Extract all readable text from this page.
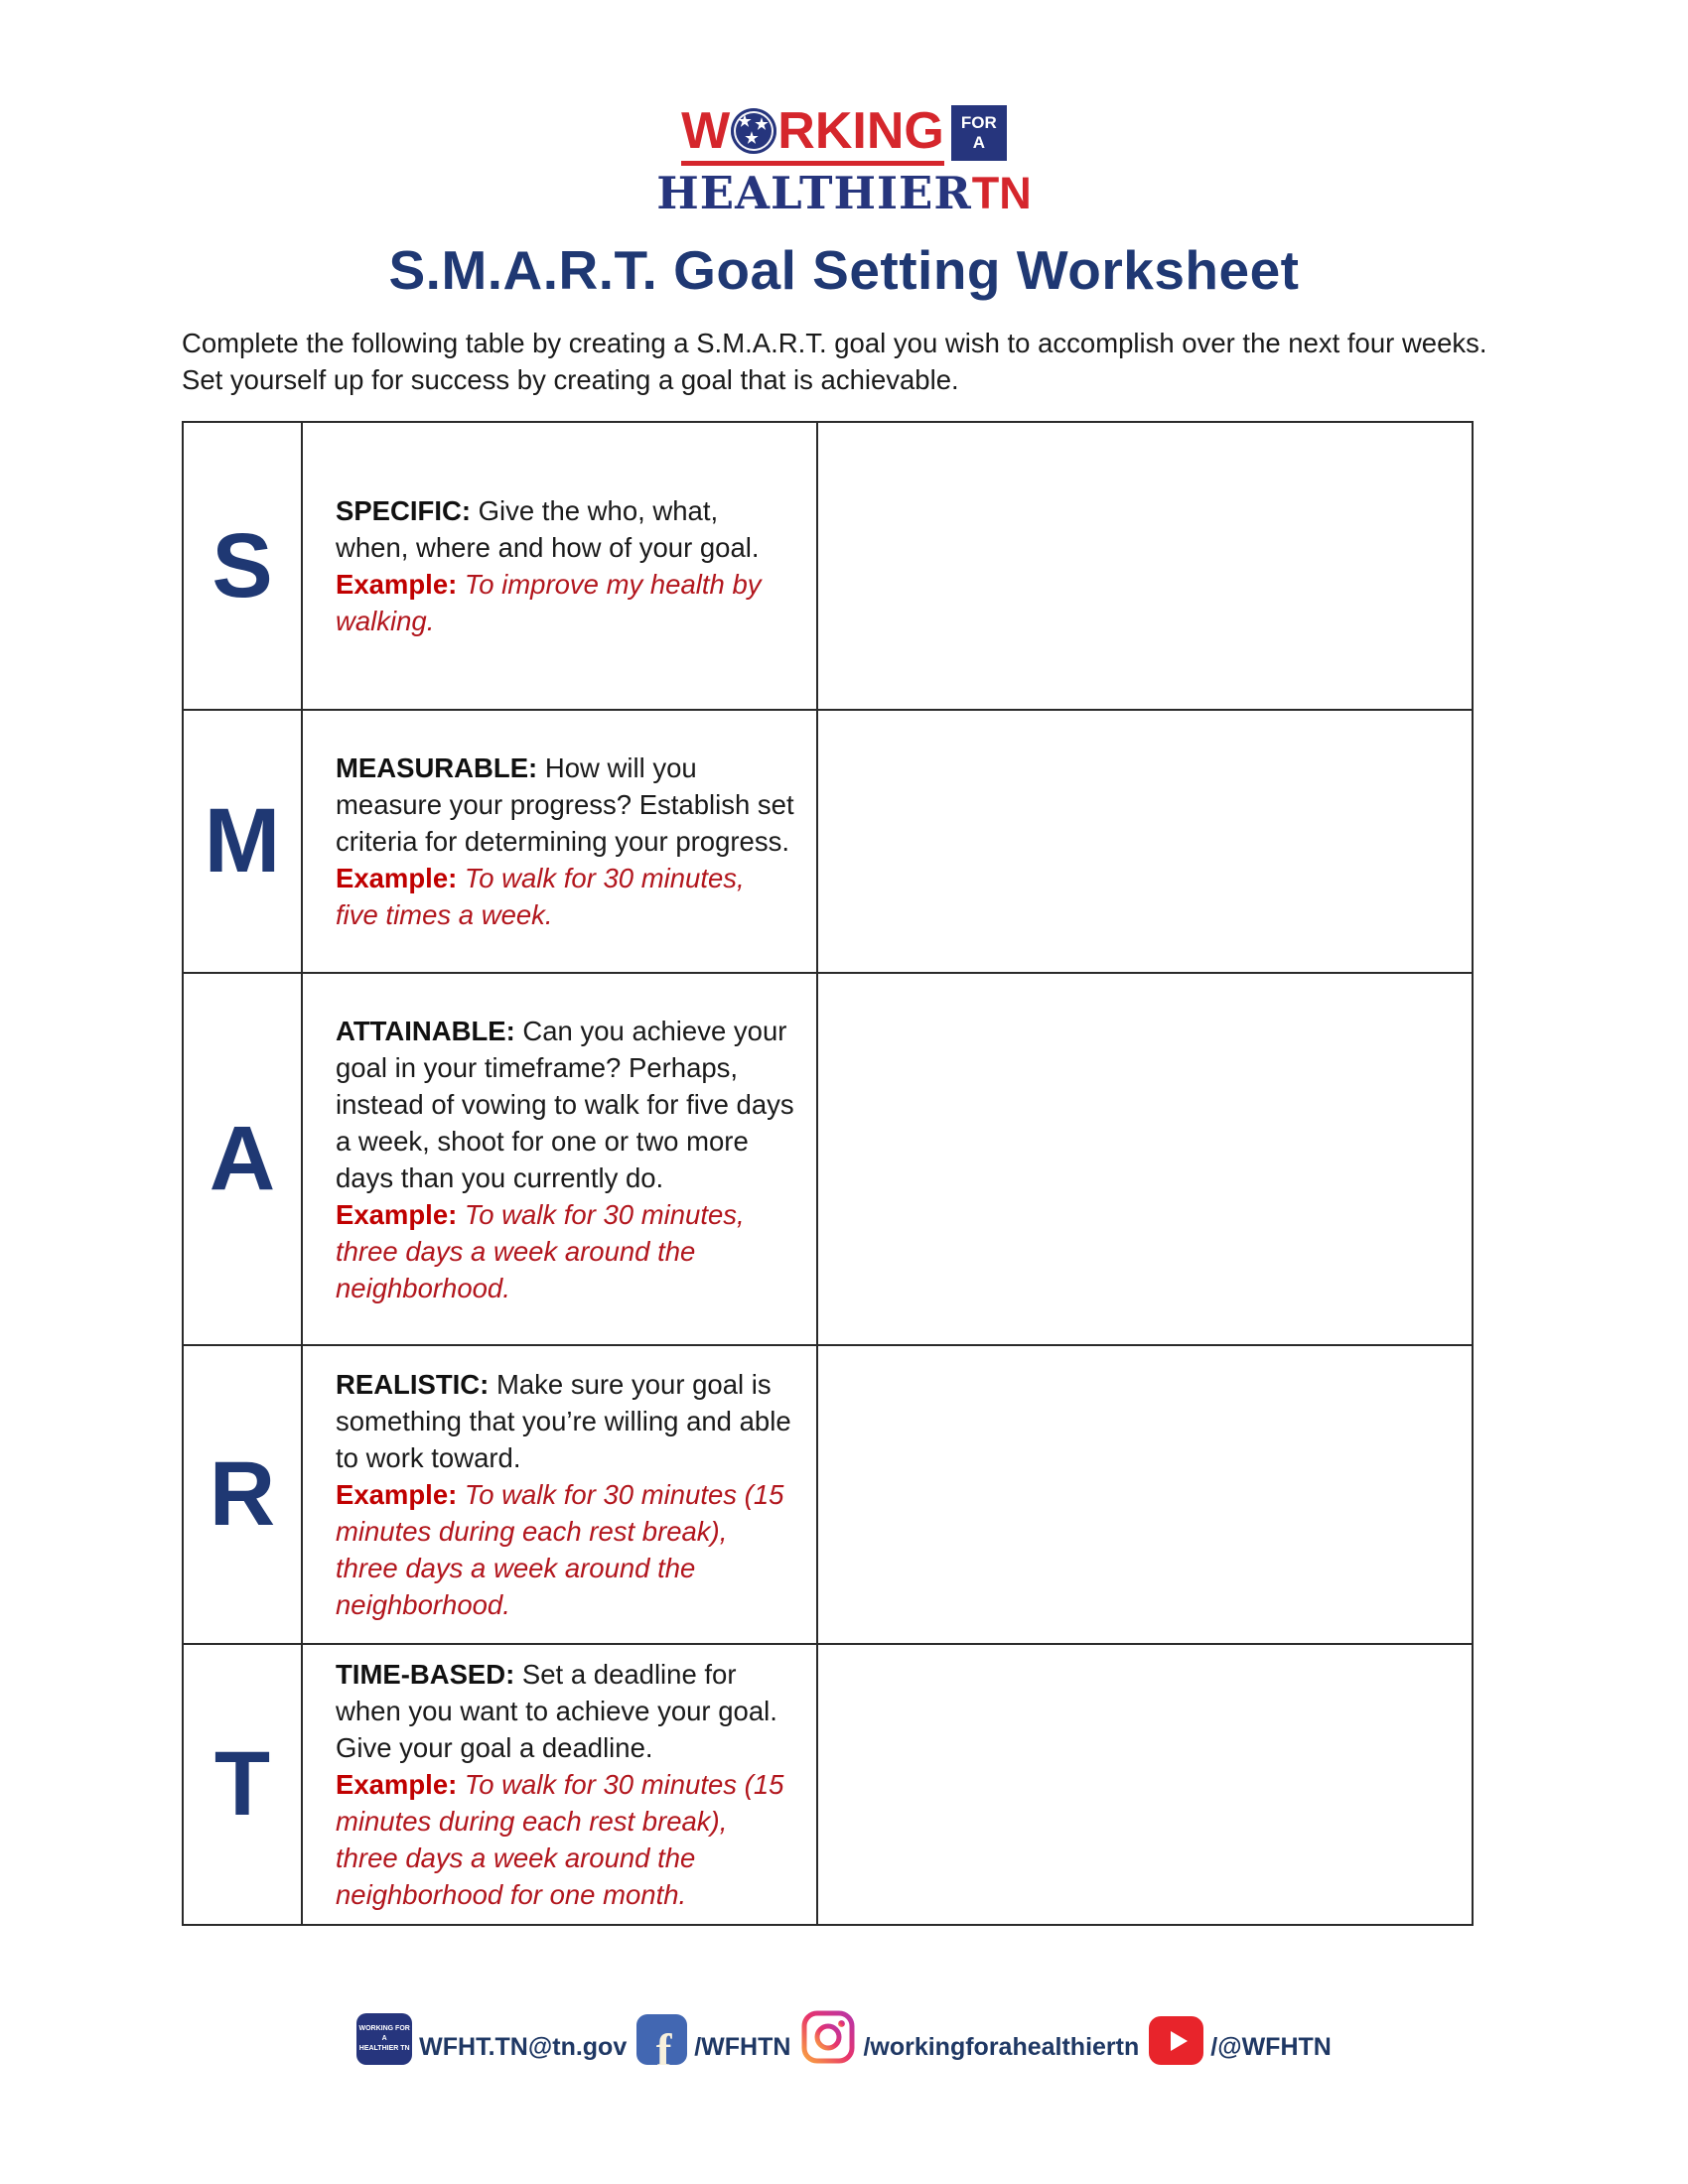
W ★ ★
★ RKING FOR
A
HEALTHIERTN
S.M.A.R.T. Goal Setting Worksheet

Complete the following table by creating a S.M.A.R.T. goal you wish to accomplish over the next four weeks. Set yourself up for success by creating a goal that is achievable.

S

SPECIFIC: Give the who, what, when, where and how of your goal.
Example: To improve my health by walking.

M

MEASURABLE: How will you measure your progress? Establish set criteria for determining your progress.
Example: To walk for 30 minutes, five times a week.

A

ATTAINABLE: Can you achieve your goal in your timeframe? Perhaps, instead of vowing to walk for five days a week, shoot for one or two more days than you currently do.
Example: To walk for 30 minutes, three days a week around the neighborhood.

R

REALISTIC: Make sure your goal is something that you’re willing and able to work toward.
Example: To walk for 30 minutes (15 minutes during each rest break), three days a week around the neighborhood.

T

TIME-BASED: Set a deadline for when you want to achieve your goal. Give your goal a deadline.
Example: To walk for 30 minutes (15 minutes during each rest break), three days a week around the neighborhood for one month.

WORKING FOR A
HEALTHIER TN WFHT.TN@tn.gov f /WFHTN	/workingforahealthiertn	/@WFHTN
